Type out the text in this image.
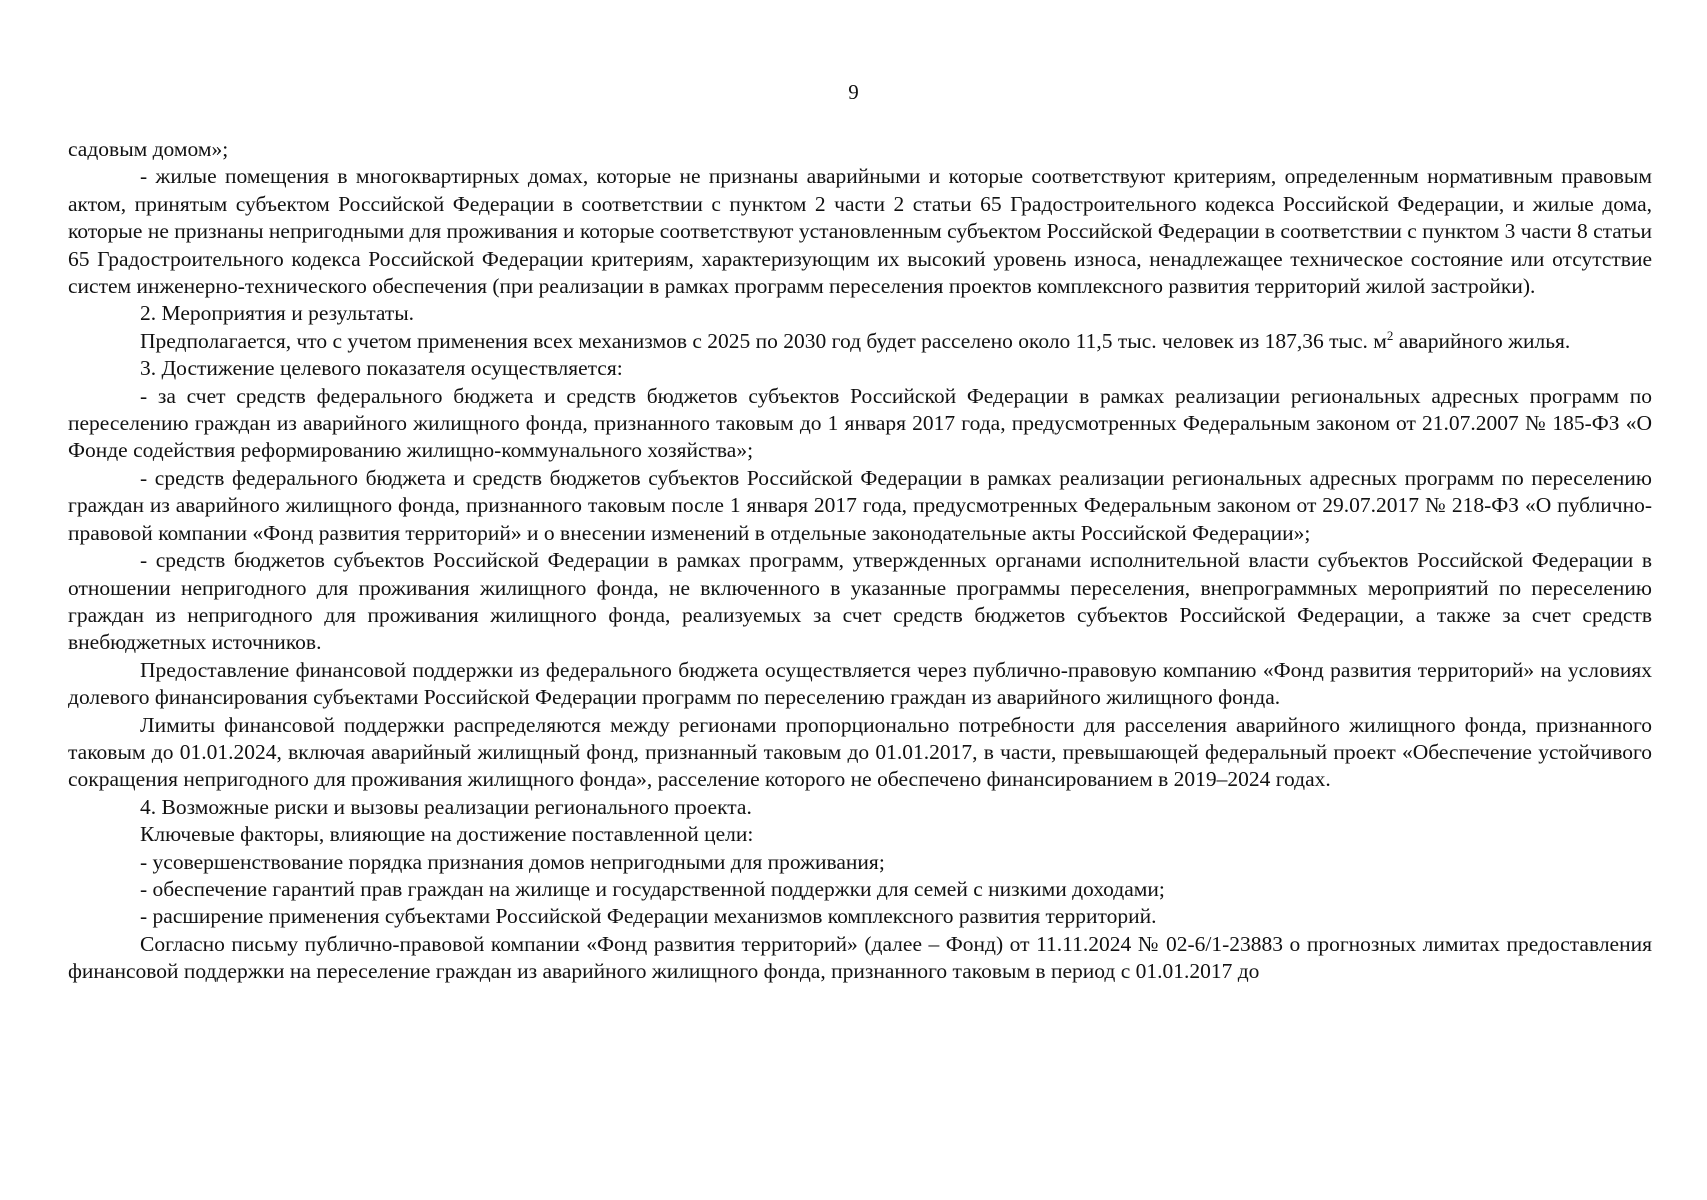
9

садовым домом»;

- жилые помещения в многоквартирных домах, которые не признаны аварийными и которые соответствуют критериям, определенным нормативным правовым актом, принятым субъектом Российской Федерации в соответствии с пунктом 2 части 2 статьи 65 Градостроительного кодекса Российской Федерации, и жилые дома, которые не признаны непригодными для проживания и которые соответствуют установленным субъектом Российской Федерации в соответствии с пунктом 3 части 8 статьи 65 Градостроительного кодекса Российской Федерации критериям, характеризующим их высокий уровень износа, ненадлежащее техническое состояние или отсутствие систем инженерно-технического обеспечения (при реализации в рамках программ переселения проектов комплексного развития территорий жилой застройки).

2. Мероприятия и результаты.

Предполагается, что с учетом применения всех механизмов с 2025 по 2030 год будет расселено около 11,5 тыс. человек из 187,36 тыс. $м^2$ аварийного жилья.

3. Достижение целевого показателя осуществляется:

- за счет средств федерального бюджета и средств бюджетов субъектов Российской Федерации в рамках реализации региональных адресных программ по переселению граждан из аварийного жилищного фонда, признанного таковым до 1 января 2017 года, предусмотренных Федеральным законом от 21.07.2007 № 185-ФЗ «О Фонде содействия реформированию жилищно-коммунального хозяйства»;

- средств федерального бюджета и средств бюджетов субъектов Российской Федерации в рамках реализации региональных адресных программ по переселению граждан из аварийного жилищного фонда, признанного таковым после 1 января 2017 года, предусмотренных Федеральным законом от 29.07.2017 № 218-ФЗ «О публично-правовой компании «Фонд развития территорий» и о внесении изменений в отдельные законодательные акты Российской Федерации»;

- средств бюджетов субъектов Российской Федерации в рамках программ, утвержденных органами исполнительной власти субъектов Российской Федерации в отношении непригодного для проживания жилищного фонда, не включенного в указанные программы переселения, внепрограммных мероприятий по переселению граждан из непригодного для проживания жилищного фонда, реализуемых за счет средств бюджетов субъектов Российской Федерации, а также за счет средств внебюджетных источников.

Предоставление финансовой поддержки из федерального бюджета осуществляется через публично-правовую компанию «Фонд развития территорий» на условиях долевого финансирования субъектами Российской Федерации программ по переселению граждан из аварийного жилищного фонда.

Лимиты финансовой поддержки распределяются между регионами пропорционально потребности для расселения аварийного жилищного фонда, признанного таковым до 01.01.2024, включая аварийный жилищный фонд, признанный таковым до 01.01.2017, в части, превышающей федеральный проект «Обеспечение устойчивого сокращения непригодного для проживания жилищного фонда», расселение которого не обеспечено финансированием в 2019–2024 годах.

4. Возможные риски и вызовы реализации регионального проекта.

Ключевые факторы, влияющие на достижение поставленной цели:

- усовершенствование порядка признания домов непригодными для проживания;

- обеспечение гарантий прав граждан на жилище и государственной поддержки для семей с низкими доходами;

- расширение применения субъектами Российской Федерации механизмов комплексного развития территорий.

Согласно письму публично-правовой компании «Фонд развития территорий» (далее – Фонд) от 11.11.2024 № 02-6/1-23883 о прогнозных лимитах предоставления финансовой поддержки на переселение граждан из аварийного жилищного фонда, признанного таковым в период с 01.01.2017 до
